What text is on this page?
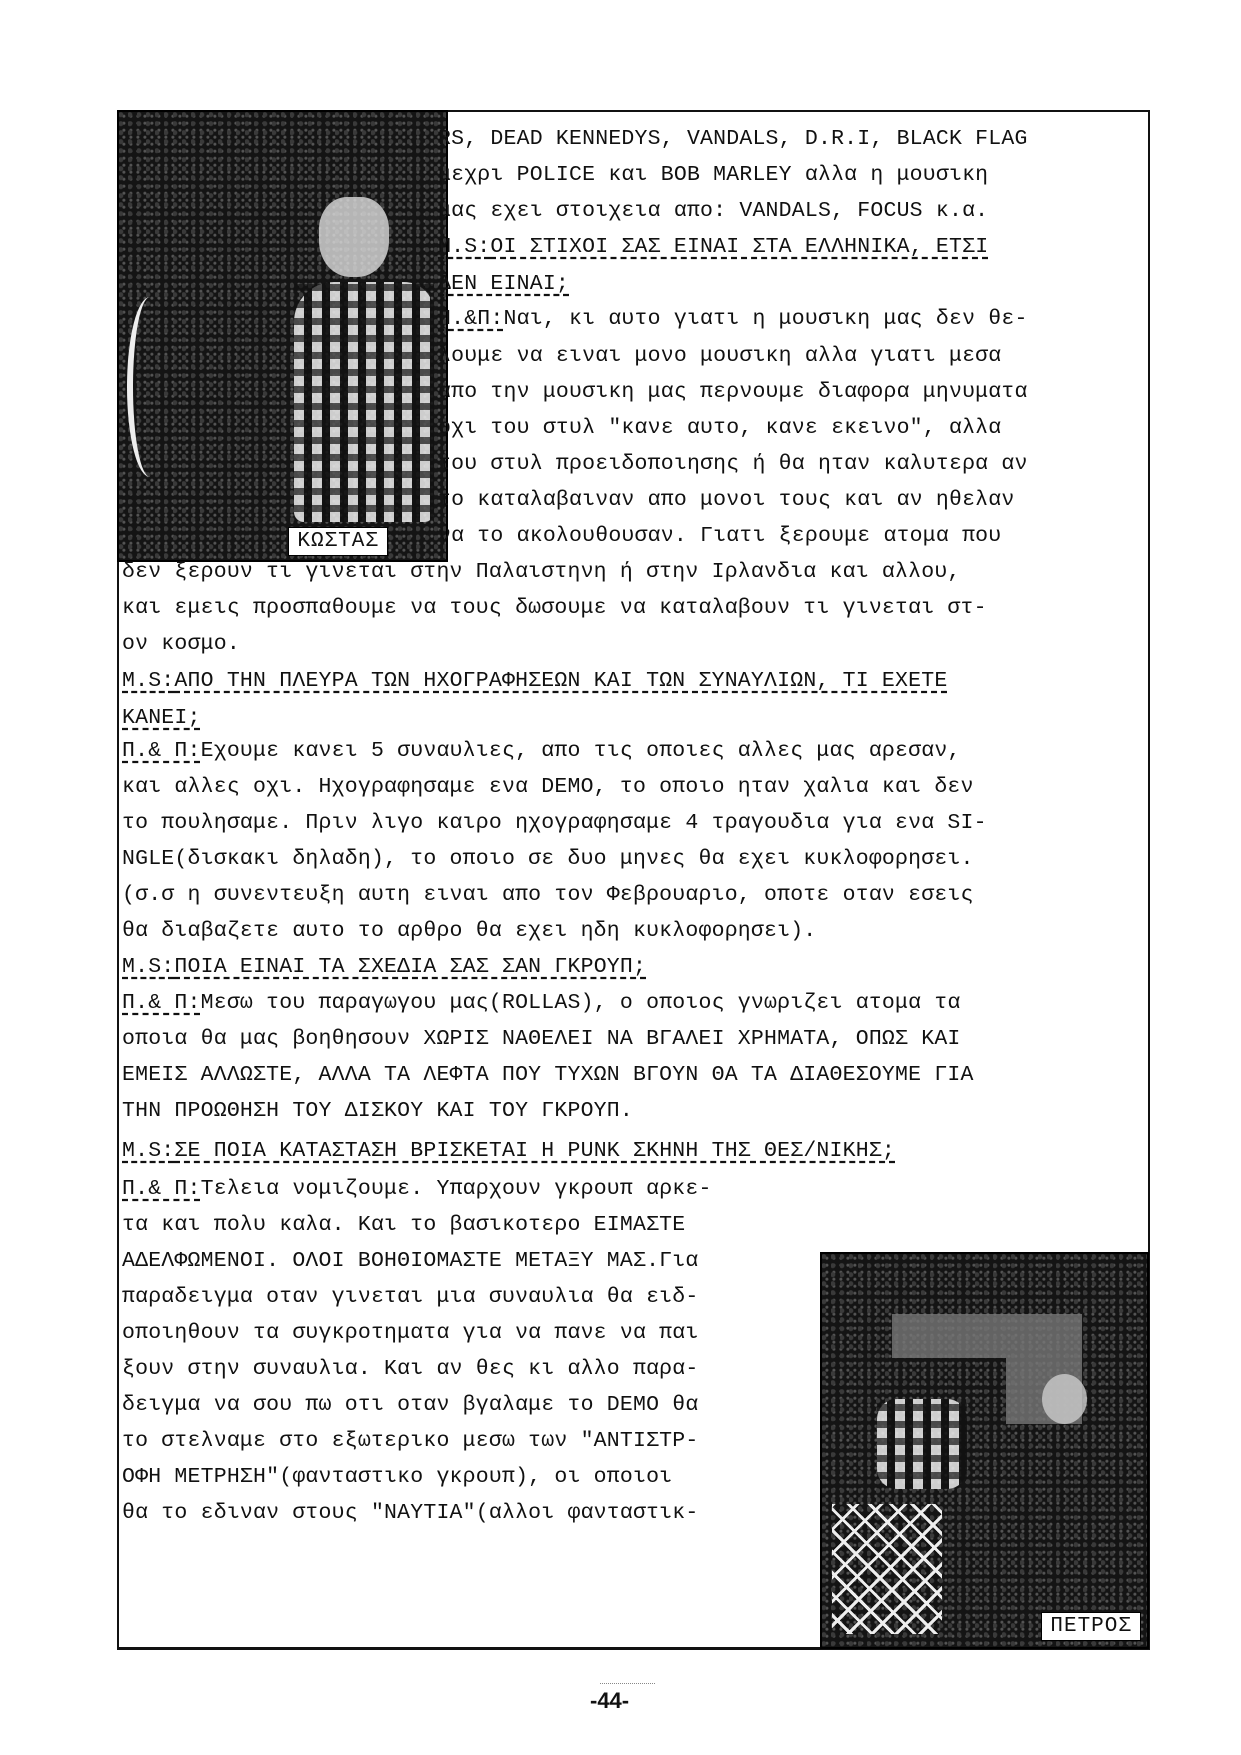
ΚΩΣΤΑΣ
ΠΕΤΡΟΣ
RS, DEAD KENNEDYS, VANDALS, D.R.I, BLACK FLAG
μεχρι POLICE και BOB MARLEY αλλα η μουσικη
μας εχει στοιχεια απο: VANDALS, FOCUS κ.α.
M.S:ΟΙ ΣΤΙΧΟΙ ΣΑΣ ΕΙΝΑΙ ΣΤΑ ΕΛΛΗΝΙΚΑ, ΕΤΣΙ
ΔΕΝ ΕΙΝΑΙ;
Π.&Π:Ναι, κι αυτο γιατι η μουσικη μας δεν θε-
λουμε να ειναι μονο μουσικη αλλα γιατι μεσα
απο την μουσικη μας περνουμε διαφορα μηνυματα
οχι του στυλ "κανε αυτο, κανε εκεινο", αλλα
του στυλ προειδοποιησης ή θα ηταν καλυτερα αν
το καταλαβαιναν απο μονοι τους και αν ηθελαν
να το ακολουθουσαν. Γιατι ξερουμε ατομα που
δεν ξερουν τι γινεται στην Παλαιστηνη ή στην Ιρλανδια και αλλου,
και εμεις προσπαθουμε να τους δωσουμε να καταλαβουν τι γινεται στ-
ον κοσμο.
M.S:ΑΠΟ ΤΗΝ ΠΛΕΥΡΑ ΤΩΝ ΗΧΟΓΡΑΦΗΣΕΩΝ ΚΑΙ ΤΩΝ ΣΥΝΑΥΛΙΩΝ, ΤΙ ΕΧΕΤΕ
ΚΑΝΕΙ;
Π.& Π:Εχουμε κανει 5 συναυλιες, απο τις οποιες αλλες μας αρεσαν,
και αλλες οχι. Ηχογραφησαμε ενα DEMO, το οποιο ηταν χαλια και δεν
το πουλησαμε. Πριν λιγο καιρο ηχογραφησαμε 4 τραγουδια για ενα SI-
NGLE(δισκακι δηλαδη), το οποιο σε δυο μηνες θα εχει κυκλοφορησει.
(σ.σ η συνεντευξη αυτη ειναι απο τον Φεβρουαριο, οποτε οταν εσεις
θα διαβαζετε αυτο το αρθρο θα εχει ηδη κυκλοφορησει).
M.S:ΠΟΙΑ ΕΙΝΑΙ ΤΑ ΣΧΕΔΙΑ ΣΑΣ ΣΑΝ ΓΚΡΟΥΠ;
Π.& Π:Μεσω του παραγωγου μας(ROLLAS), ο οποιος γνωριζει ατομα τα
οποια θα μας βοηθησουν ΧΩΡΙΣ ΝΑΘΕΛΕΙ ΝΑ ΒΓΑΛΕΙ ΧΡΗΜΑΤΑ, ΟΠΩΣ ΚΑΙ
ΕΜΕΙΣ ΑΛΛΩΣΤΕ, ΑΛΛΑ ΤΑ ΛΕΦΤΑ ΠΟΥ ΤΥΧΩΝ ΒΓΟΥΝ ΘΑ ΤΑ ΔΙΑΘΕΣΟΥΜΕ ΓΙΑ
ΤΗΝ ΠΡΟΩΘΗΣΗ ΤΟΥ ΔΙΣΚΟΥ ΚΑΙ ΤΟΥ ΓΚΡΟΥΠ.
M.S:ΣΕ ΠΟΙΑ ΚΑΤΑΣΤΑΣΗ ΒΡΙΣΚΕΤΑΙ Η PUNK ΣΚΗΝΗ ΤΗΣ ΘΕΣ/ΝΙΚΗΣ;
Π.& Π:Τελεια νομιζουμε. Υπαρχουν γκρουπ αρκε-
τα και πολυ καλα. Και το βασικοτερο ΕΙΜΑΣΤΕ
ΑΔΕΛΦΩΜΕΝΟΙ. ΟΛΟΙ ΒΟΗΘΙΟΜΑΣΤΕ ΜΕΤΑΞΥ ΜΑΣ.Για
παραδειγμα οταν γινεται μια συναυλια θα ειδ-
οποιηθουν τα συγκροτηματα για να πανε να παι
ξουν στην συναυλια. Και αν θες κι αλλο παρα-
δειγμα να σου πω οτι οταν βγαλαμε το DEMO θα
το στελναμε στο εξωτερικο μεσω των "ΑΝΤΙΣΤΡ-
ΟΦΗ ΜΕΤΡΗΣΗ"(φανταστικο γκρουπ), οι οποιοι
θα το εδιναν στους "ΝΑΥΤΙΑ"(αλλοι φανταστικ-
-44-
